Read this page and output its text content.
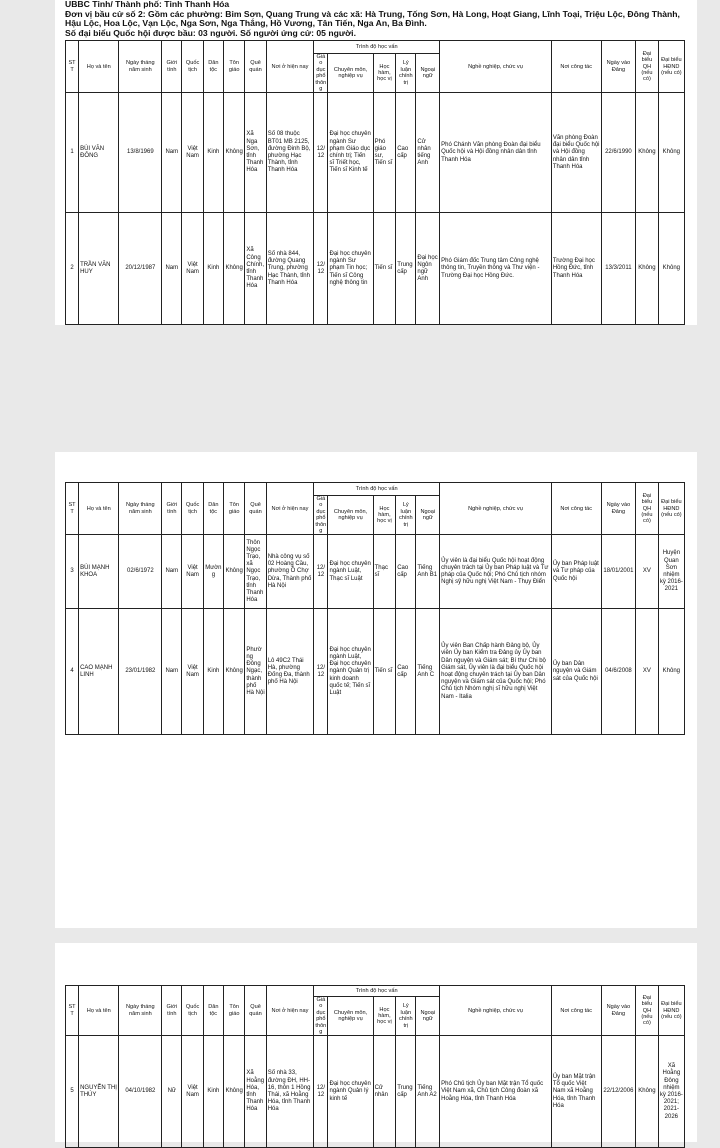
UBBC Tỉnh/ Thành phố: Tỉnh Thanh Hóa
Đơn vị bầu cử số 2: Gồm các phường: Bỉm Sơn, Quang Trung và các xã: Hà Trung, Tống Sơn, Hà Long, Hoạt Giang, Lĩnh Toại, Triệu Lộc, Đông Thành,
Hậu Lộc, Hoa Lộc, Vạn Lộc, Nga Sơn, Nga Thắng, Hồ Vương, Tân Tiến, Nga An, Ba Đình.
Số đại biểu Quốc hội được bầu: 03 người. Số người ứng cử: 05 người.
ST T	Họ và tên	Ngày tháng năm sinh	Giới tính	Quốc tịch	Dân tộc	Tôn giáo	Quê quán	Nơi ở hiện nay	Trình độ học vấn					Nghề nghiệp, chức vụ	Nơi công tác	Ngày vào Đảng	Đại biểu QH (nếu có)	Đại biểu HĐND (nếu có)
									Giáo dục phổ thông	Chuyên môn, nghiệp vụ	Học hàm, học vị	Lý luận chính trị	Ngoại ngữ					
1	BÙI VĂN ĐÔNG	13/8/1969	Nam	Việt Nam	Kinh	Không	Xã Nga Sơn, tỉnh Thanh Hóa	Số 08 thuộc BT01 MB 2125, đường Đinh Bộ, phường Hạc Thành, tỉnh Thanh Hóa	12/12	Đại học chuyên ngành Sư phạm Giáo dục chính trị; Tiến sĩ Triết học, Tiến sĩ Kinh tế	Phó giáo sư, Tiến sĩ	Cao cấp	Cử nhân tiếng Anh	Phó Chánh Văn phòng Đoàn đại biểu Quốc hội và Hội đồng nhân dân tỉnh Thanh Hóa	Văn phòng Đoàn đại biểu Quốc hội và Hội đồng nhân dân tỉnh Thanh Hóa	22/6/1990	Không	Không
2	TRẦN VĂN HUY	20/12/1987	Nam	Việt Nam	Kinh	Không	Xã Công Chính, tỉnh Thanh Hóa	Số nhà 844, đường Quang Trung, phường Hạc Thành, tỉnh Thanh Hóa	12/12	Đại học chuyên ngành Sư phạm Tin học; Tiến sĩ Công nghệ thông tin	Tiến sĩ	Trung cấp	Đại học Ngôn ngữ Anh	Phó Giám đốc Trung tâm Công nghệ thông tin, Truyền thông và Thư viện - Trường Đại học Hồng Đức.	Trường Đại học Hồng Đức, tỉnh Thanh Hóa	13/3/2011	Không	Không
ST T	Họ và tên	Ngày tháng năm sinh	Giới tính	Quốc tịch	Dân tộc	Tôn giáo	Quê quán	Nơi ở hiện nay	Trình độ học vấn					Nghề nghiệp, chức vụ	Nơi công tác	Ngày vào Đảng	Đại biểu QH (nếu có)	Đại biểu HĐND (nếu có)
									Giáo dục phổ thông	Chuyên môn, nghiệp vụ	Học hàm, học vị	Lý luận chính trị	Ngoại ngữ					
3	BÙI MẠNH KHOA	02/6/1972	Nam	Việt Nam	Mường	Không	Thôn Ngọc Trạo, xã Ngọc Trạo, tỉnh Thanh Hóa	Nhà công vụ số 02 Hoàng Cầu, phường Ô Chợ Dừa, Thành phố Hà Nội	12/12	Đại học chuyên ngành Luật, Thạc sĩ Luật	Thạc sĩ	Cao cấp	Tiếng Anh B1	Ủy viên là đại biểu Quốc hội hoạt động chuyên trách tại Ủy ban Pháp luật và Tư pháp của Quốc hội; Phó Chủ tịch nhóm Nghị sỹ hữu nghị Việt Nam - Thụy Điển	Ủy ban Pháp luật và Tư pháp của Quốc hội	18/01/2001	XV	Huyện Quan Sơn nhiệm kỳ 2016-2021
4	CAO MẠNH LINH	23/01/1982	Nam	Việt Nam	Kinh	Không	Phường Đông Ngạc, thành phố Hà Nội	Lô 49C2 Thái Hà, phường Đống Đa, thành phố Hà Nội	12/12	Đại học chuyên ngành Luật, Đại học chuyên ngành Quản trị kinh doanh quốc tế; Tiến sĩ Luật	Tiến sĩ	Cao cấp	Tiếng Anh C	Ủy viên Ban Chấp hành Đảng bộ, Ủy viên Ủy ban Kiểm tra Đảng ủy Ủy ban Dân nguyện và Giám sát; Bí thư Chi bộ Giám sát, Ủy viên là đại biểu Quốc hội hoạt động chuyên trách tại Ủy ban Dân nguyện và Giám sát của Quốc hội; Phó Chủ tịch Nhóm nghị sĩ hữu nghị Việt Nam - Italia	Ủy ban Dân nguyện và Giám sát của Quốc hội	04/6/2008	XV	Không
ST T	Họ và tên	Ngày tháng năm sinh	Giới tính	Quốc tịch	Dân tộc	Tôn giáo	Quê quán	Nơi ở hiện nay	Trình độ học vấn					Nghề nghiệp, chức vụ	Nơi công tác	Ngày vào Đảng	Đại biểu QH (nếu có)	Đại biểu HĐND (nếu có)
									Giáo dục phổ thông	Chuyên môn, nghiệp vụ	Học hàm, học vị	Lý luận chính trị	Ngoại ngữ					
5	NGUYỄN THỊ THÚY	04/10/1982	Nữ	Việt Nam	Kinh	Không	Xã Hoằng Hóa, tỉnh Thanh Hóa	Số nhà 33, đường ĐH, HH-16, thôn 1 Hồng Thái, xã Hoằng Hóa, tỉnh Thanh Hóa	12/12	Đại học chuyên ngành Quản lý kinh tế	Cử nhân	Trung cấp	Tiếng Anh A2	Phó Chủ tịch Ủy ban Mặt trận Tổ quốc Việt Nam xã, Chủ tịch Công đoàn xã Hoằng Hóa, tỉnh Thanh Hóa	Ủy ban Mặt trận Tổ quốc Việt Nam xã Hoằng Hóa, tỉnh Thanh Hóa	22/12/2006	Không	Xã Hoằng Đông nhiệm kỳ 2016-2021; 2021-2026
